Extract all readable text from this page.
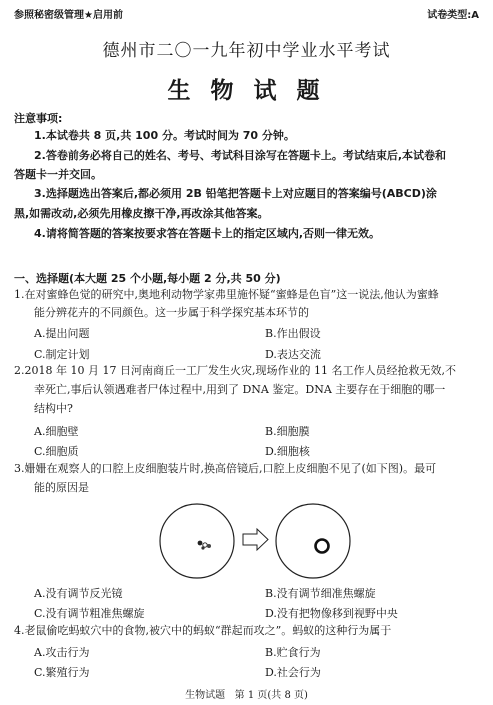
参照秘密级管理★启用前	试卷类型:A
德州市二〇一九年初中学业水平考试
生 物 试 题
注意事项:
1.本试卷共 8 页,共 100 分。考试时间为 70 分钟。
2.答卷前务必将自己的姓名、考号、考试科目涂写在答题卡上。考试结束后,本试卷和
答题卡一并交回。
3.选择题选出答案后,都必须用 2B 铅笔把答题卡上对应题目的答案编号(ABCD)涂
黑,如需改动,必须先用橡皮擦干净,再改涂其他答案。
4.请将简答题的答案按要求答在答题卡上的指定区域内,否则一律无效。
一、选择题(本大题 25 个小题,每小题 2 分,共 50 分)
1.在对蜜蜂色觉的研究中,奥地利动物学家弗里施怀疑“蜜蜂是色盲”这一说法,他认为蜜蜂
能分辨花卉的不同颜色。这一步属于科学探究基本环节的
A.提出问题	B.作出假设
C.制定计划	D.表达交流
2.2018 年 10 月 17 日河南商丘一工厂发生火灾,现场作业的 11 名工作人员经抢救无效,不
幸死亡,事后认领遇难者尸体过程中,用到了 DNA 鉴定。DNA 主要存在于细胞的哪一
结构中?
A.细胞壁	B.细胞膜
C.细胞质	D.细胞核
3.姗姗在观察人的口腔上皮细胞装片时,换高倍镜后,口腔上皮细胞不见了(如下图)。最可
能的原因是
A.没有调节反光镜	B.没有调节细准焦螺旋
C.没有调节粗准焦螺旋	D.没有把物像移到视野中央
4.老鼠偷吃蚂蚁穴中的食物,被穴中的蚂蚁“群起而攻之”。蚂蚁的这种行为属于
A.攻击行为	B.贮食行为
C.繁殖行为	D.社会行为
生物试题   第 1 页(共 8 页)
